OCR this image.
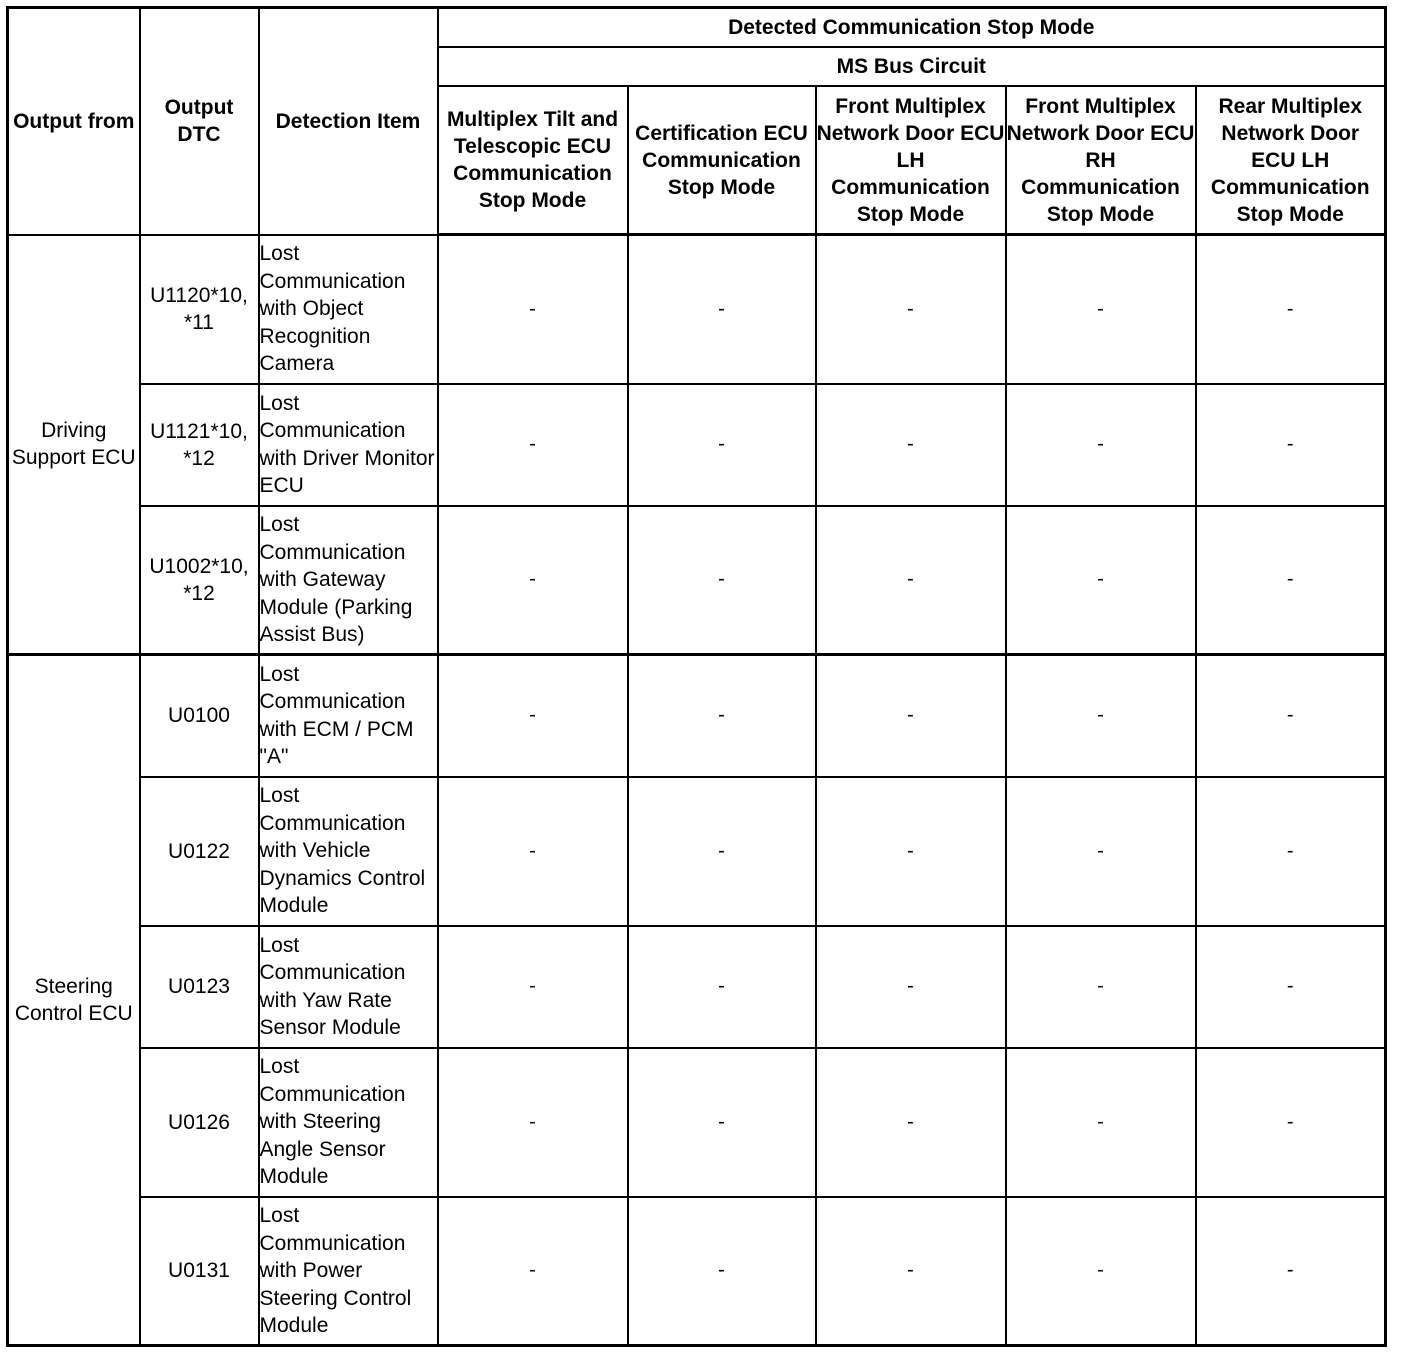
Output from	Output DTC	Detection Item	Detected Communication Stop Mode				
			MS Bus Circuit				
			Multiplex Tilt and Telescopic ECU Communication Stop Mode	Certification ECU Communication Stop Mode	Front Multiplex Network Door ECU LH Communication Stop Mode	Front Multiplex Network Door ECU RH Communication Stop Mode	Rear Multiplex Network Door ECU LH Communication Stop Mode
Driving Support ECU	U1120*10, *11	Lost Communication with Object Recognition Camera	-	-	-	-	-
	U1121*10, *12	Lost Communication with Driver Monitor ECU	-	-	-	-	-
	U1002*10, *12	Lost Communication with Gateway Module (Parking Assist Bus)	-	-	-	-	-
Steering Control ECU	U0100	Lost Communication with ECM / PCM "A"	-	-	-	-	-
	U0122	Lost Communication with Vehicle Dynamics Control Module	-	-	-	-	-
	U0123	Lost Communication with Yaw Rate Sensor Module	-	-	-	-	-
	U0126	Lost Communication with Steering Angle Sensor Module	-	-	-	-	-
	U0131	Lost Communication with Power Steering Control Module	-	-	-	-	-
